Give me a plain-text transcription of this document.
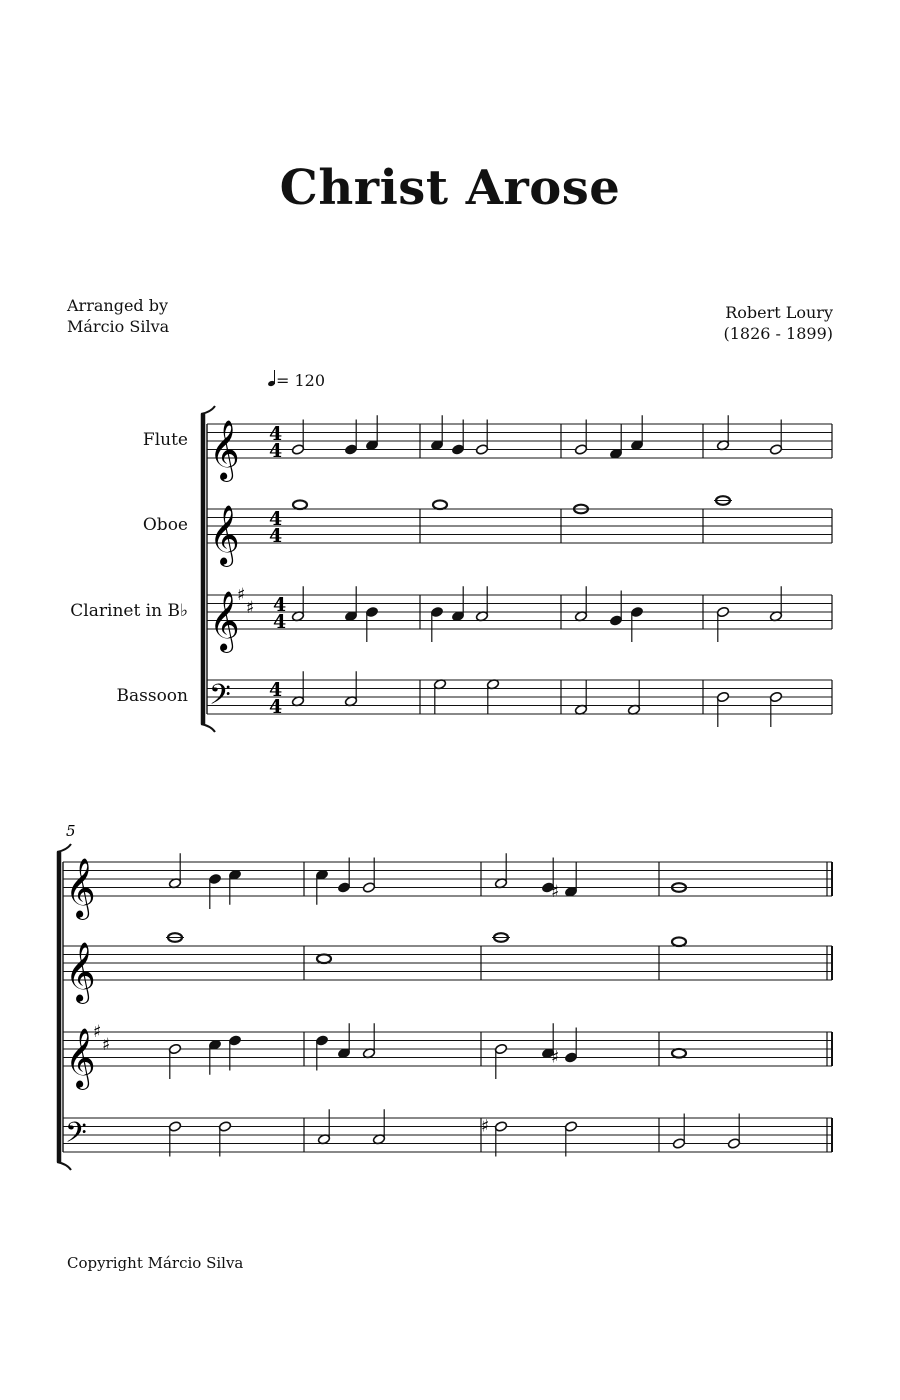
Christ Arose
Arranged by
Márcio Silva
Robert Loury
(1826 - 1899)
= 120
Flute
Oboe
Clarinet in B♭
Bassoon
5
𝄞 4
4
𝄞 4
4
𝄞
♯
♯ 4
4
𝄢 4
4
𝄞
𝄞
𝄞
♯
♯
𝄢
♯
♯
♯
Copyright Márcio Silva
